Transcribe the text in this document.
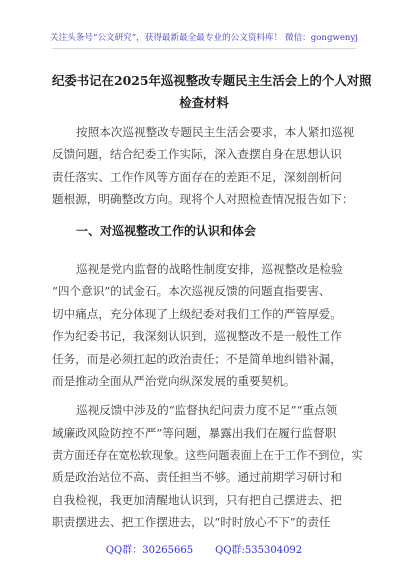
关注头条号“公文研究”，获得最新最全最专业的公文资料库！ 微信：gongwenyj
纪委书记在2025年巡视整改专题民主生活会上的个人对照
检查材料
按照本次巡视整改专题民主生活会要求，本人紧扣巡视
反馈问题，结合纪委工作实际，深入查摆自身在思想认识
责任落实、工作作风等方面存在的差距不足，深刻剖析问
题根源，明确整改方向。现将个人对照检查情况报告如下：
一、对巡视整改工作的认识和体会
巡视是党内监督的战略性制度安排，巡视整改是检验
“四个意识”的试金石。本次巡视反馈的问题直指要害、
切中痛点，充分体现了上级纪委对我们工作的严管厚爱。
作为纪委书记，我深刻认识到，巡视整改不是一般性工作
任务，而是必须扛起的政治责任；不是简单地纠错补漏，
而是推动全面从严治党向纵深发展的重要契机。
巡视反馈中涉及的“监督执纪问责力度不足”“重点领
域廉政风险防控不严”等问题，暴露出我们在履行监督职
责方面还存在宽松软现象。这些问题表面上在于工作不到位，实
质是政治站位不高、责任担当不够。通过前期学习研讨和
自我检视，我更加清醒地认识到，只有把自己摆进去、把
职责摆进去、把工作摆进去，以“时时放心不下”的责任
QQ群：30265665 QQ群:535304092
